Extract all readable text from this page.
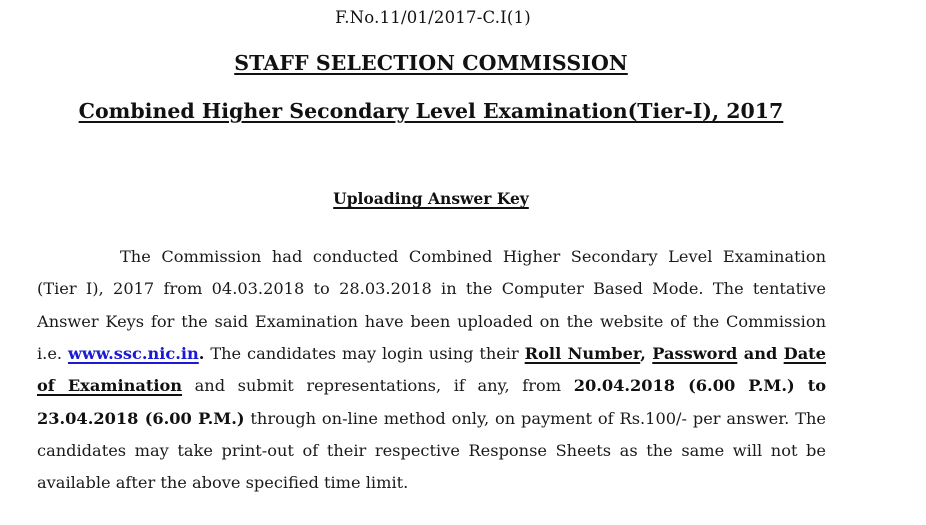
F.No.11/01/2017-C.I(1)
STAFF SELECTION COMMISSION
Combined Higher Secondary Level Examination(Tier-I), 2017
Uploading Answer Key

The Commission had conducted Combined Higher Secondary Level Examination (Tier I), 2017 from 04.03.2018 to 28.03.2018 in the Computer Based Mode. The tentative Answer Keys for the said Examination have been uploaded on the website of the Commission i.e. www.ssc.nic.in. The candidates may login using their Roll Number, Password and Date of Examination and submit representations, if any, from 20.04.2018 (6.00 P.M.) to 23.04.2018 (6.00 P.M.) through on-line method only, on payment of Rs.100/- per answer. The candidates may take print-out of their respective Response Sheets as the same will not be available after the above specified time limit.
